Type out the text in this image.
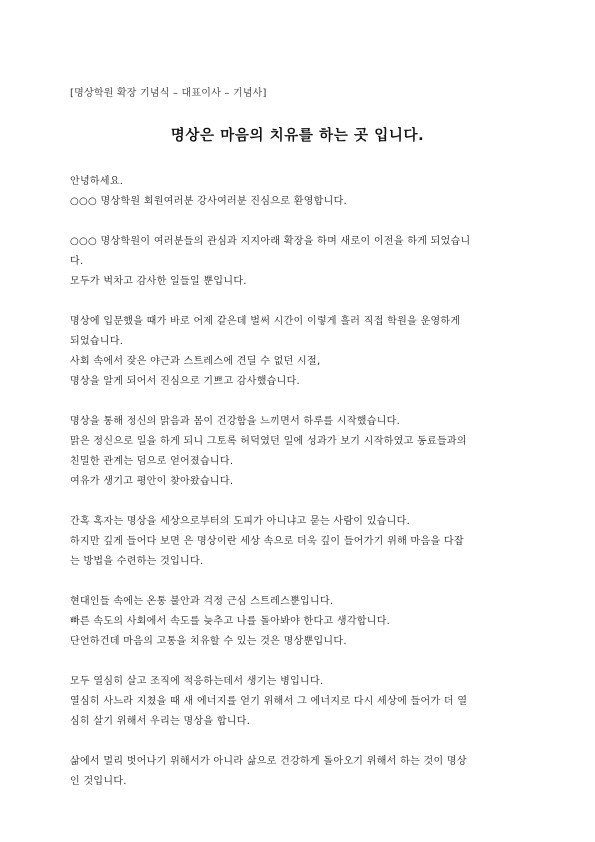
[명상학원 확장 기념식 – 대표이사 – 기념사]
명상은 마음의 치유를 하는 곳 입니다.
안녕하세요.
○○○ 명상학원 회원여러분 강사여러분 진심으로 환영합니다.
○○○ 명상학원이 여러분들의 관심과 지지아래 확장을 하며 새로이 이전을 하게 되었습니
다.
모두가 벅차고 감사한 일들일 뿐입니다.
명상에 입문했을 때가 바로 어제 같은데 벌써 시간이 이렇게 흘러 직접 학원을 운영하게
되었습니다.
사회 속에서 잦은 야근과 스트레스에 견딜 수 없던 시절,
명상을 알게 되어서 진심으로 기쁘고 감사했습니다.
명상을 통해 정신의 맑음과 몸이 건강함을 느끼면서 하루를 시작했습니다.
맑은 정신으로 일을 하게 되니 그토록 허덕였던 일에 성과가 보기 시작하였고 동료들과의
친밀한 관계는 덤으로 얻어졌습니다.
여유가 생기고 평안이 찾아왔습니다.
간혹 혹자는 명상을 세상으로부터의 도피가 아니냐고 묻는 사람이 있습니다.
하지만 깊게 들어다 보면 은 명상이란 세상 속으로 더욱 깊이 들어가기 위해 마음을 다잡
는 방법을 수련하는 것입니다.
현대인들 속에는 온통 불안과 걱정 근심 스트레스뿐입니다.
빠른 속도의 사회에서 속도를 늦추고 나를 돌아봐야 한다고 생각합니다.
단언하건데 마음의 고통을 치유할 수 있는 것은 명상뿐입니다.
모두 열심히 살고 조직에 적응하는데서 생기는 병입니다.
열심히 사느라 지쳤을 때 새 에너지를 얻기 위해서 그 에너지로 다시 세상에 들어가 더 열
심히 살기 위해서 우리는 명상을 합니다.
삶에서 멀리 벗어나기 위해서가 아니라 삶으로 건강하게 돌아오기 위해서 하는 것이 명상
인 것입니다.
